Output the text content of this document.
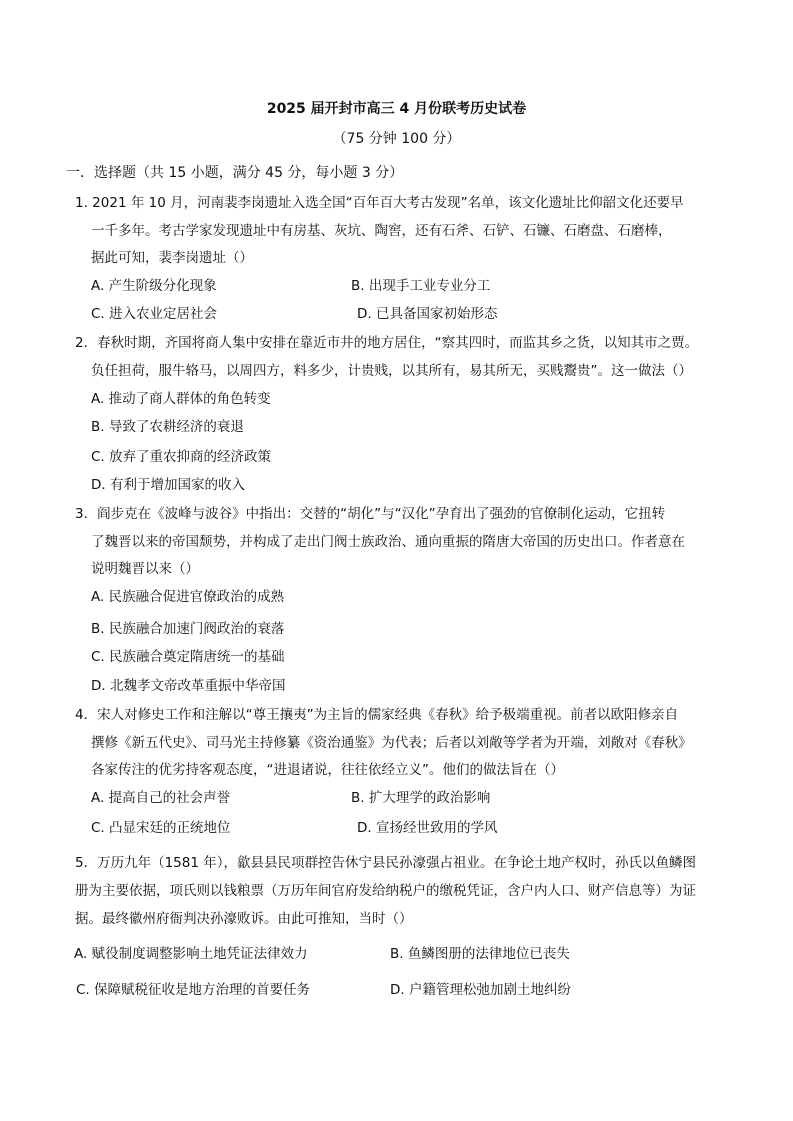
2025 届开封市高三 4 月份联考历史试卷
（75 分钟 100 分）
一．选择题（共 15 小题，满分 45 分，每小题 3 分）
1. 2021 年 10 月，河南裴李岗遗址入选全国“百年百大考古发现”名单，该文化遗址比仰韶文化还要早
一千多年。考古学家发现遗址中有房基、灰坑、陶窖，还有石斧、石铲、石镰、石磨盘、石磨棒，
据此可知，裴李岗遗址（）
A. 产生阶级分化现象	B. 出现手工业专业分工
C. 进入农业定居社会	D. 已具备国家初始形态
2．春秋时期，齐国将商人集中安排在靠近市井的地方居住，“察其四时，而监其乡之货，以知其市之贾。
负任担荷，服牛辂马，以周四方，料多少，计贵贱，以其所有，易其所无，买贱鬻贵”。这一做法（）
A. 推动了商人群体的角色转变
B. 导致了农耕经济的衰退
C. 放弃了重农抑商的经济政策
D. 有利于增加国家的收入
3．阎步克在《波峰与波谷》中指出：交替的“胡化”与“汉化”孕育出了强劲的官僚制化运动，它扭转
了魏晋以来的帝国颓势，并构成了走出门阀士族政治、通向重振的隋唐大帝国的历史出口。作者意在
说明魏晋以来（）
A. 民族融合促进官僚政治的成熟
B. 民族融合加速门阀政治的衰落
C. 民族融合奠定隋唐统一的基础
D. 北魏孝文帝改革重振中华帝国
4．宋人对修史工作和注解以“尊王攘夷”为主旨的儒家经典《春秋》给予极端重视。前者以欧阳修亲自
撰修《新五代史》、司马光主持修纂《资治通鉴》为代表；后者以刘敞等学者为开端，刘敞对《春秋》
各家传注的优劣持客观态度，“进退诸说，往往依经立义”。他们的做法旨在（）
A. 提高自己的社会声誉	B. 扩大理学的政治影响
C. 凸显宋廷的正统地位	D. 宣扬经世致用的学风
5．万历九年（1581 年），歙县县民项群控告休宁县民孙濠强占祖业。在争论土地产权时，孙氏以鱼鳞图
册为主要依据，项氏则以钱粮票（万历年间官府发给纳税户的缴税凭证，含户内人口、财产信息等）为证
据。最终徽州府衙判决孙濠败诉。由此可推知，当时（）
A. 赋役制度调整影响土地凭证法律效力	B. 鱼鳞图册的法律地位已丧失
C. 保障赋税征收是地方治理的首要任务	D. 户籍管理松弛加剧土地纠纷
